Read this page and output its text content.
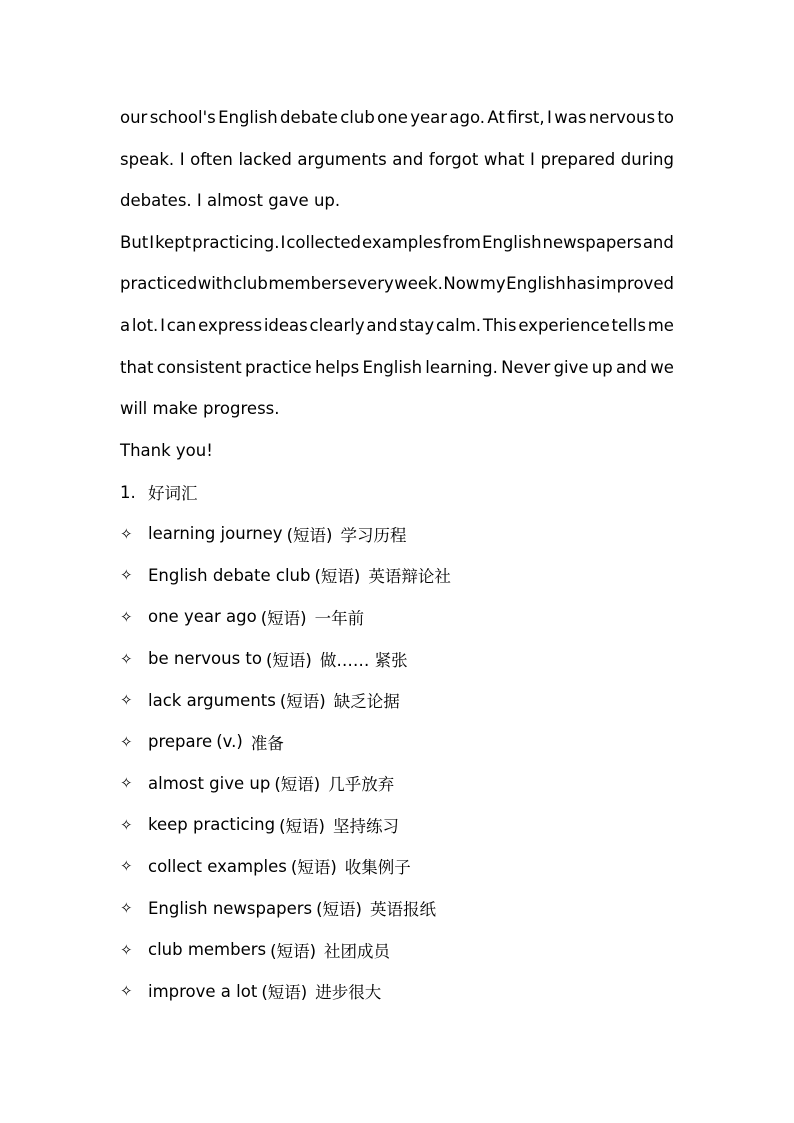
our school's English debate club one year ago. At first, I was nervous to
speak. I often lacked arguments and forgot what I prepared during
debates. I almost gave up.
But I kept practicing. I collected examples from English newspapers and
practiced with club members every week. Now my English has improved
a lot. I can express ideas clearly and stay calm. This experience tells me
that consistent practice helps English learning. Never give up and we
will make progress.
Thank you!
1. 好词汇
✧ learning journey (短语) 学习历程
✧ English debate club (短语) 英语辩论社
✧ one year ago (短语) 一年前
✧ be nervous to (短语) 做…… 紧张
✧ lack arguments (短语) 缺乏论据
✧ prepare (v.) 准备
✧ almost give up (短语) 几乎放弃
✧ keep practicing (短语) 坚持练习
✧ collect examples (短语) 收集例子
✧ English newspapers (短语) 英语报纸
✧ club members (短语) 社团成员
✧ improve a lot (短语) 进步很大
